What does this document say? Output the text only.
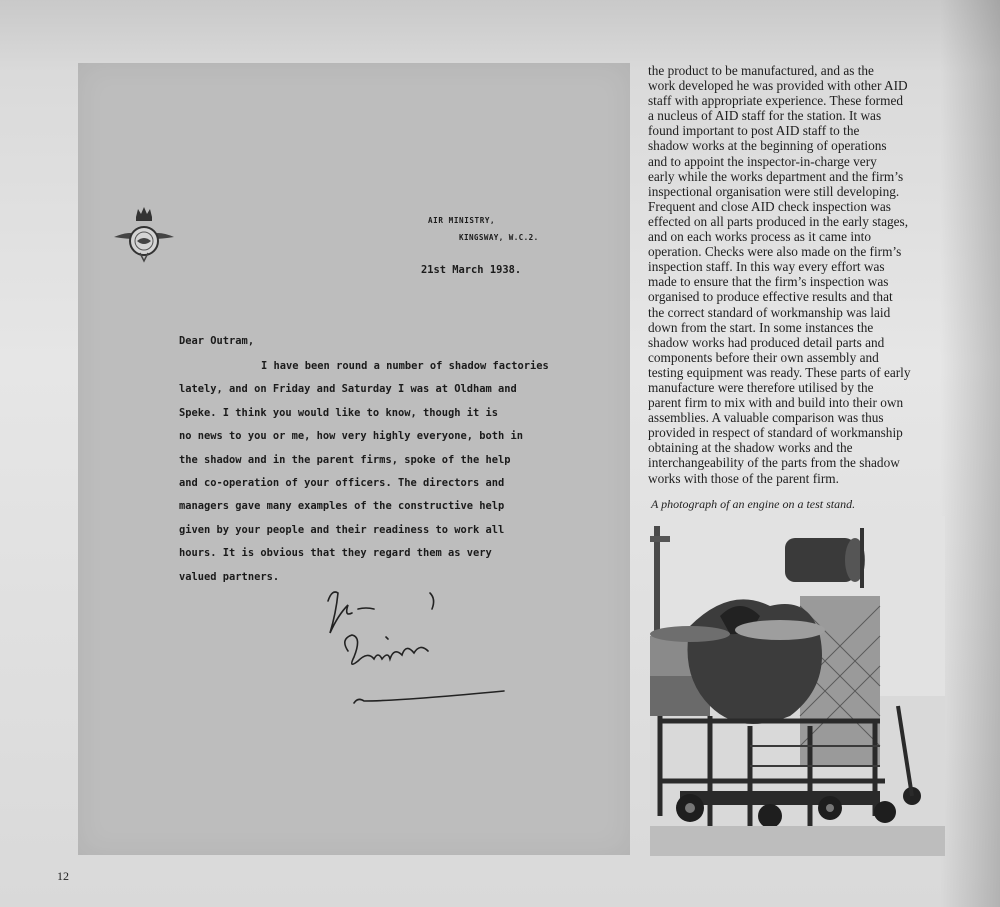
AIR MINISTRY,
KINGSWAY, W.C.2.
21st March 1938.
Dear Outram,
I have been round a number of shadow factories
lately, and on Friday and Saturday I was at Oldham and
Speke. I think you would like to know, though it is
no news to you or me, how very highly everyone, both in
the shadow and in the parent firms, spoke of the help
and co-operation of your officers. The directors and
managers gave many examples of the constructive help
given by your people and their readiness to work all
hours. It is obvious that they regard them as very
valued partners.
the product to be manufactured, and as the
work developed he was provided with other AID
staff with appropriate experience. These formed
a nucleus of AID staff for the station. It was
found important to post AID staff to the
shadow works at the beginning of operations
and to appoint the inspector-in-charge very
early while the works department and the firm’s
inspectional organisation were still developing.
Frequent and close AID check inspection was
effected on all parts produced in the early stages,
and on each works process as it came into
operation. Checks were also made on the firm’s
inspection staff. In this way every effort was
made to ensure that the firm’s inspection was
organised to produce effective results and that
the correct standard of workmanship was laid
down from the start. In some instances the
shadow works had produced detail parts and
components before their own assembly and
testing equipment was ready. These parts of early
manufacture were therefore utilised by the
parent firm to mix with and build into their own
assemblies. A valuable comparison was thus
provided in respect of standard of workmanship
obtaining at the shadow works and the
interchangeability of the parts from the shadow
works with those of the parent firm.
A photograph of an engine on a test stand.
12
